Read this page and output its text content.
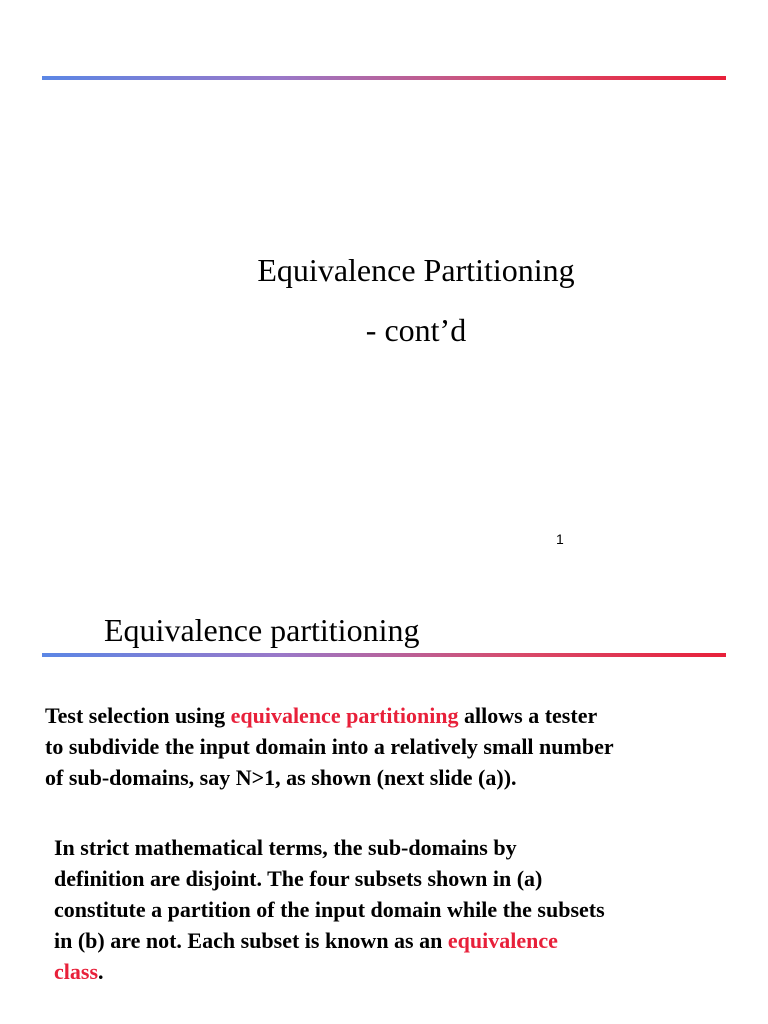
Equivalence Partitioning
- cont’d
1
Equivalence partitioning
Test selection using equivalence partitioning allows a tester
to subdivide the input domain into a relatively small number
of sub-domains, say N>1, as shown (next slide (a)).
In strict mathematical terms, the sub-domains by
definition are disjoint. The four subsets shown in (a)
constitute a partition of the input domain while the subsets
in (b) are not. Each subset is known as an equivalence
class.
